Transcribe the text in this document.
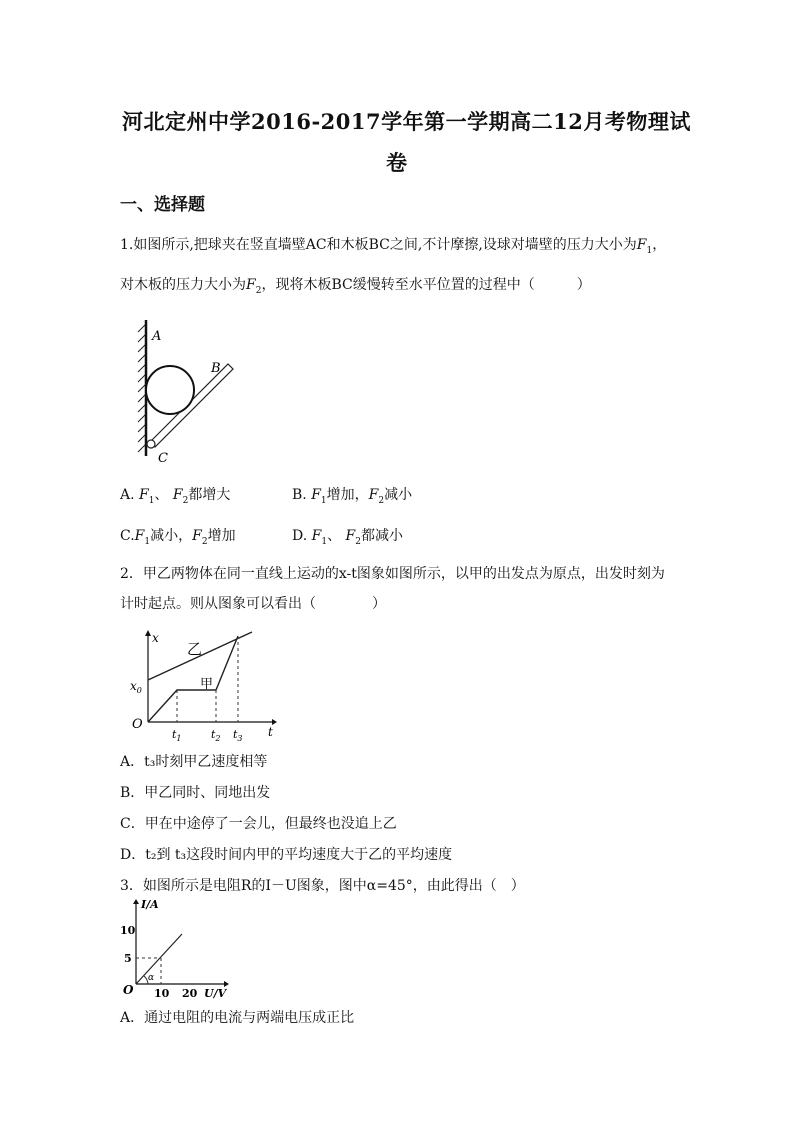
河北定州中学2016-2017学年第一学期高二12月考物理试
卷
一、选择题
1.如图所示,把球夹在竖直墙壁AC和木板BC之间,不计摩擦,设球对墙壁的压力大小为$F_1$，
对木板的压力大小为$F_2$，现将木板BC缓慢转至水平位置的过程中（　　　）
A
B
C
A. $F_1$、 $F_2$都增大	B. $F_1$增加，$F_2$减小
$C.F_1$减小，$F_2$增加	D. $F_1$、 $F_2$都减小
2．甲乙两物体在同一直线上运动的x-t图象如图所示，以甲的出发点为原点，出发时刻为
计时起点。则从图象可以看出（　　　　）
x
t
O
$x_0$
乙
甲
$t_1$	$t_2$ $t_3$
A．t₃时刻甲乙速度相等
B．甲乙同时、同地出发
C．甲在中途停了一会儿，但最终也没追上乙
D．t₂到 t₃这段时间内甲的平均速度大于乙的平均速度
3．如图所示是电阻R的I－U图象，图中α=45°，由此得出（　）
α
I/A
U/V
10
5
O 10 20
A．通过电阻的电流与两端电压成正比
